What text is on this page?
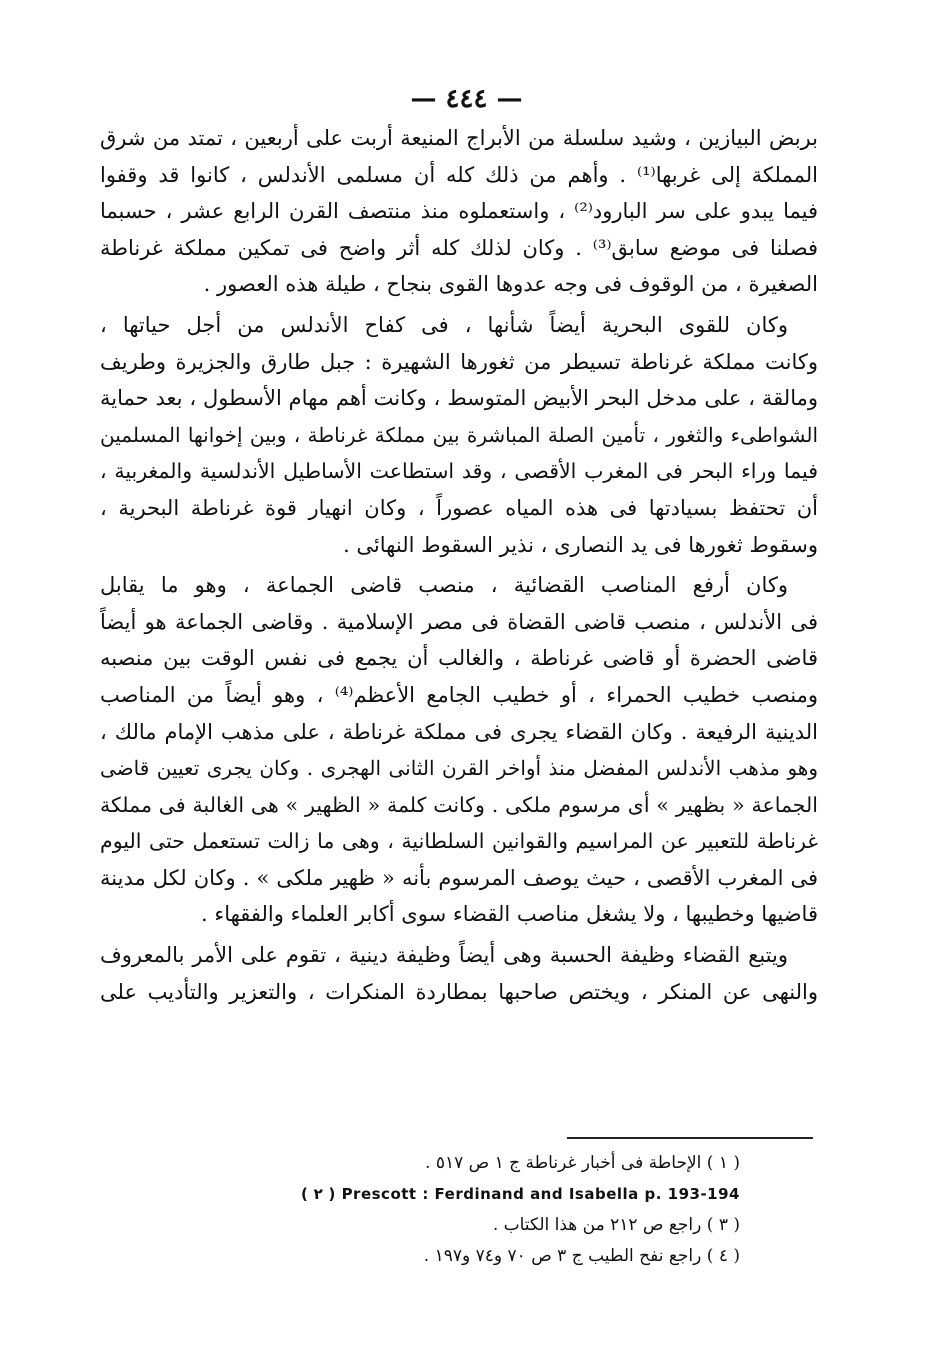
— ٤٤٤ —
بربض البيازين ، وشيد سلسلة من الأبراج المنيعة أربت على أربعين ، تمتد من شرق
المملكة إلى غربها⁽¹⁾ . وأهم من ذلك كله أن مسلمى الأندلس ، كانوا قد وقفوا
فيما يبدو على سر البارود⁽²⁾ ، واستعملوه منذ منتصف القرن الرابع عشر ، حسبما
فصلنا فى موضع سابق⁽³⁾ . وكان لذلك كله أثر واضح فى تمكين مملكة غرناطة
الصغيرة ، من الوقوف فى وجه عدوها القوى بنجاح ، طيلة هذه العصور .
وكان للقوى البحرية أيضاً شأنها ، فى كفاح الأندلس من أجل حياتها ،
وكانت مملكة غرناطة تسيطر من ثغورها الشهيرة : جبل طارق والجزيرة وطريف
ومالقة ، على مدخل البحر الأبيض المتوسط ، وكانت أهم مهام الأسطول ، بعد حماية
الشواطىء والثغور ، تأمين الصلة المباشرة بين مملكة غرناطة ، وبين إخوانها المسلمين
فيما وراء البحر فى المغرب الأقصى ، وقد استطاعت الأساطيل الأندلسية والمغربية ،
أن تحتفظ بسيادتها فى هذه المياه عصوراً ، وكان انهيار قوة غرناطة البحرية ،
وسقوط ثغورها فى يد النصارى ، نذير السقوط النهائى .
وكان أرفع المناصب القضائية ، منصب قاضى الجماعة ، وهو ما يقابل
فى الأندلس ، منصب قاضى القضاة فى مصر الإسلامية . وقاضى الجماعة هو أيضاً
قاضى الحضرة أو قاضى غرناطة ، والغالب أن يجمع فى نفس الوقت بين منصبه
ومنصب خطيب الحمراء ، أو خطيب الجامع الأعظم⁽⁴⁾ ، وهو أيضاً من المناصب
الدينية الرفيعة . وكان القضاء يجرى فى مملكة غرناطة ، على مذهب الإمام مالك ،
وهو مذهب الأندلس المفضل منذ أواخر القرن الثانى الهجرى . وكان يجرى تعيين قاضى
الجماعة « بظهير » أى مرسوم ملكى . وكانت كلمة « الظهير » هى الغالبة فى مملكة
غرناطة للتعبير عن المراسيم والقوانين السلطانية ، وهى ما زالت تستعمل حتى اليوم
فى المغرب الأقصى ، حيث يوصف المرسوم بأنه « ظهير ملكى » . وكان لكل مدينة
قاضيها وخطيبها ، ولا يشغل مناصب القضاء سوى أكابر العلماء والفقهاء .
ويتبع القضاء وظيفة الحسبة وهى أيضاً وظيفة دينية ، تقوم على الأمر بالمعروف
والنهى عن المنكر ، ويختص صاحبها بمطاردة المنكرات ، والتعزير والتأديب على
( ١ ) الإحاطة فى أخبار غرناطة ج ١ ص ٥١٧ .
Prescott : Ferdinand and Isabella p. 193-194 ( ٢ )
( ٣ ) راجع ص ٢١٢ من هذا الكتاب .
( ٤ ) راجع نفح الطيب ج ٣ ص ٧٠ و٧٤ و١٩٧ .
